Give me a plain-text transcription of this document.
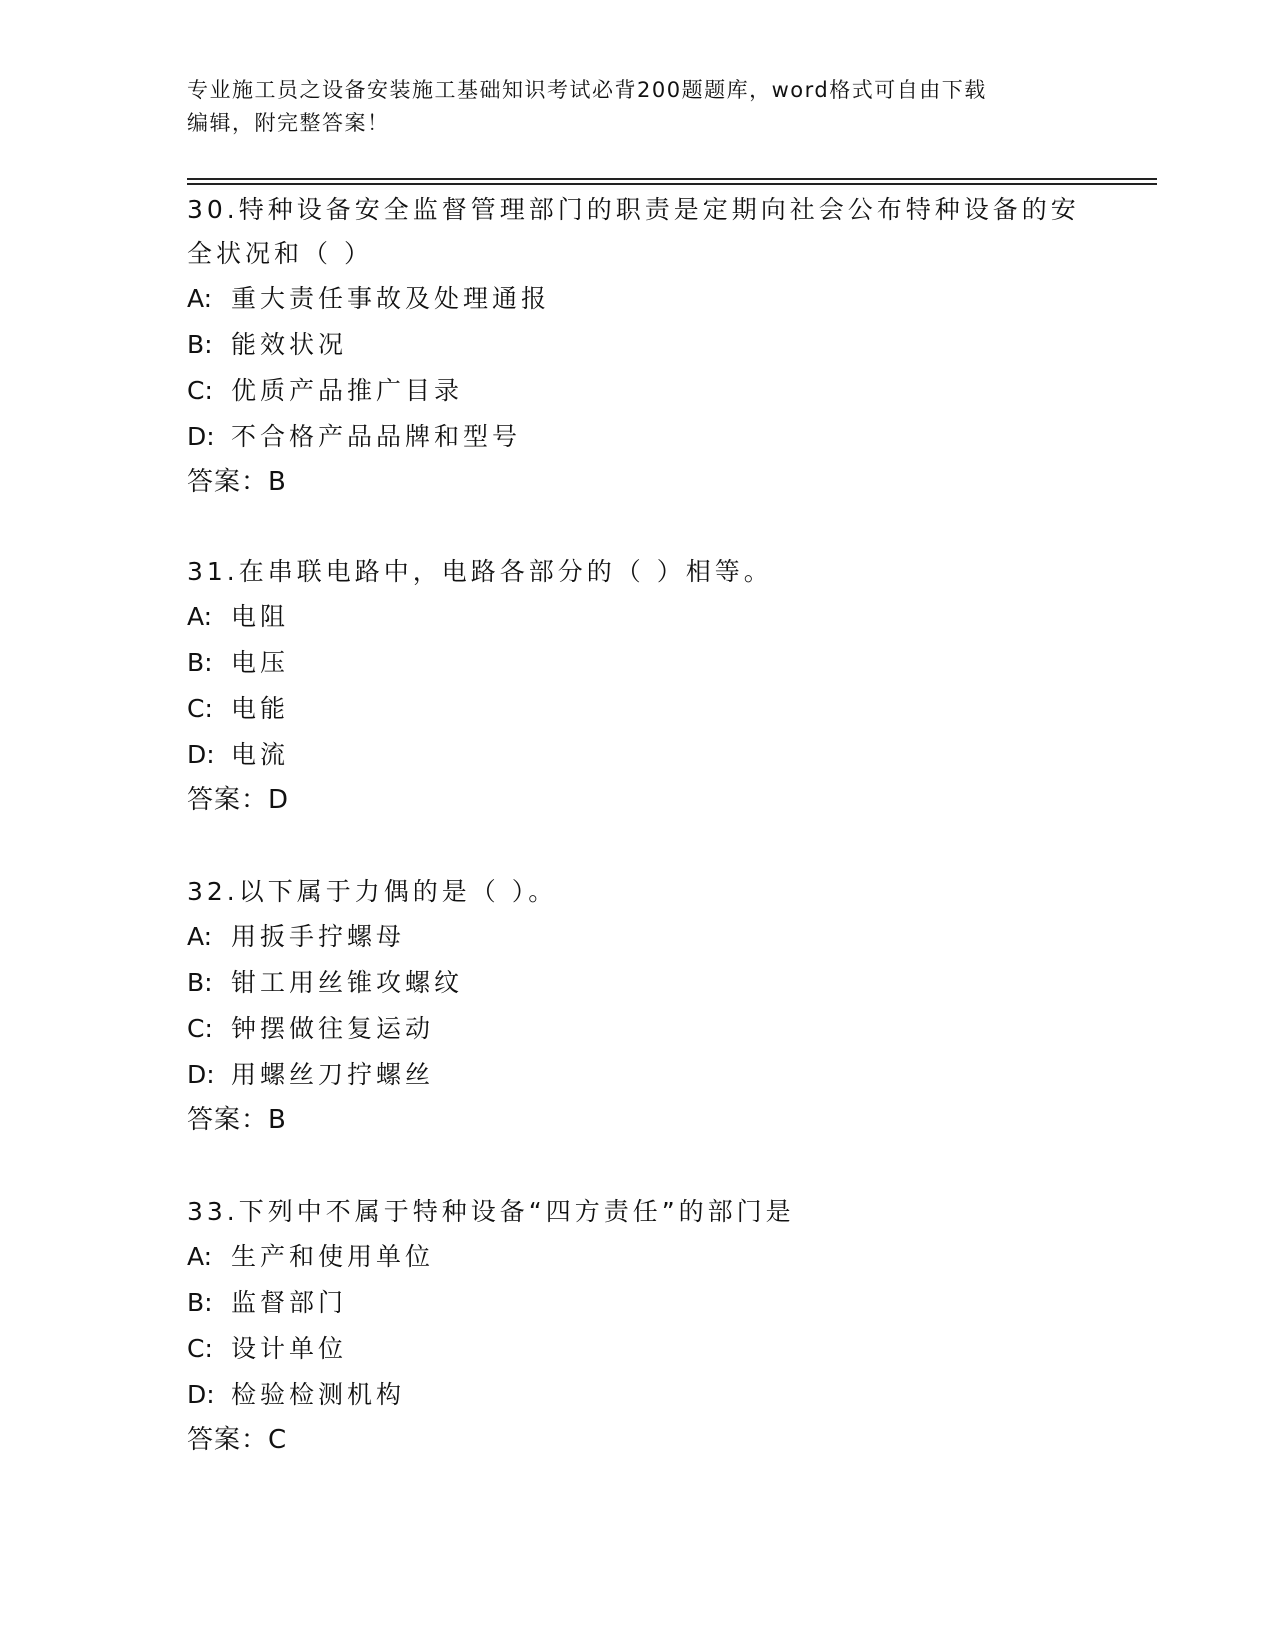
专业施工员之设备安装施工基础知识考试必背200题题库，word格式可自由下载
编辑，附完整答案！
30.特种设备安全监督管理部门的职责是定期向社会公布特种设备的安
全状况和（ ）
A: 重大责任事故及处理通报
B: 能效状况
C: 优质产品推广目录
D: 不合格产品品牌和型号
答案：B
31.在串联电路中，电路各部分的（ ）相等。
A: 电阻
B: 电压
C: 电能
D: 电流
答案：D
32.以下属于力偶的是（ ）。
A: 用扳手拧螺母
B: 钳工用丝锥攻螺纹
C: 钟摆做往复运动
D: 用螺丝刀拧螺丝
答案：B
33.下列中不属于特种设备“四方责任”的部门是
A: 生产和使用单位
B: 监督部门
C: 设计单位
D: 检验检测机构
答案：C
